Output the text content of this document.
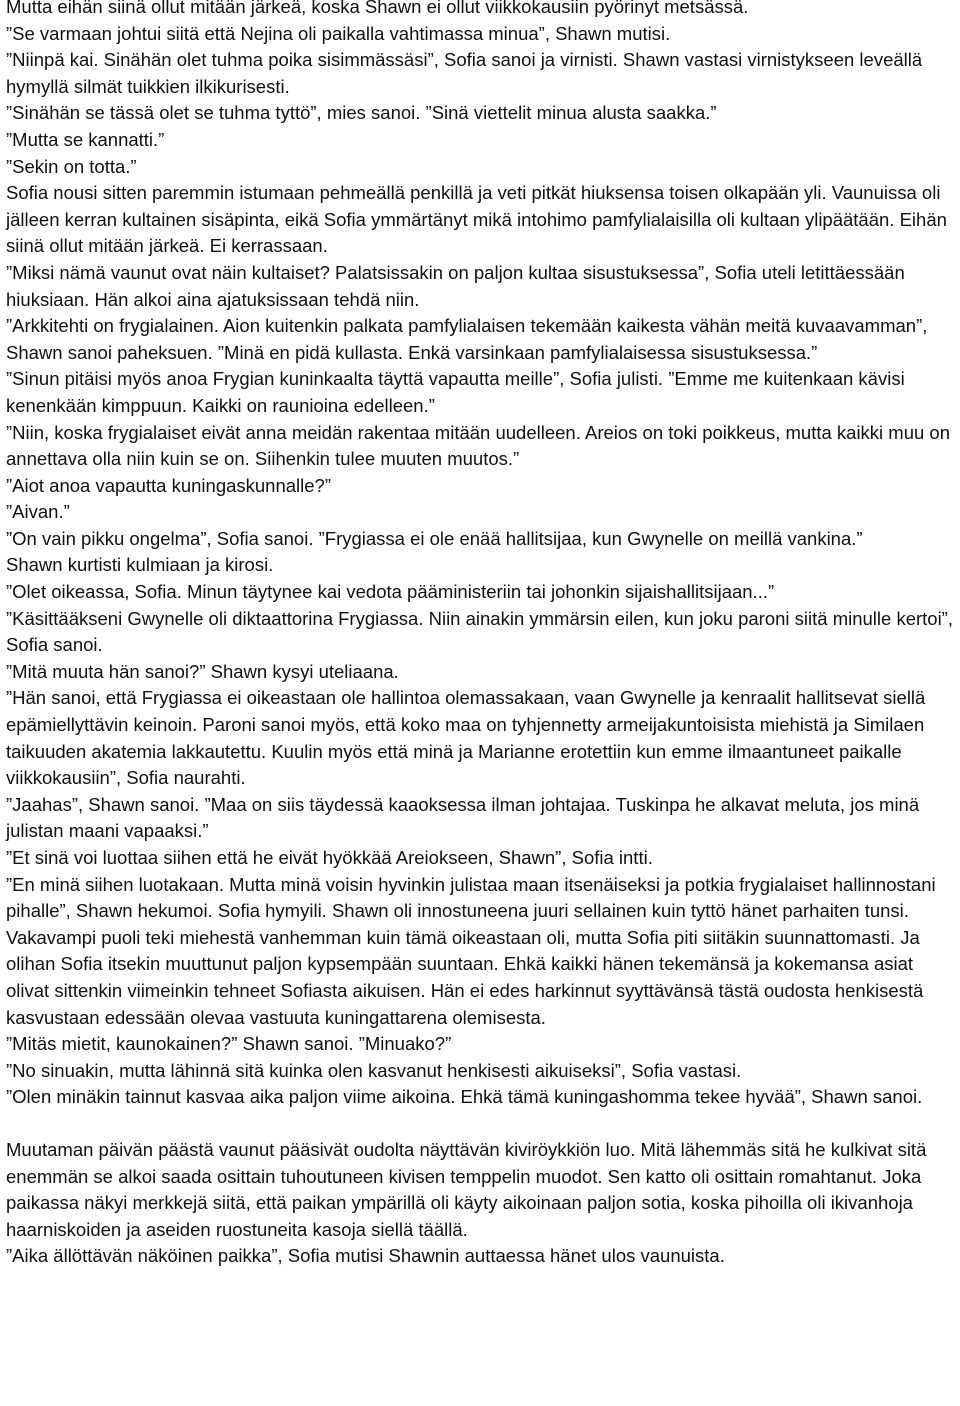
Mutta eihän siinä ollut mitään järkeä, koska Shawn ei ollut viikkokausiin pyörinyt metsässä.

”Se varmaan johtui siitä että Nejina oli paikalla vahtimassa minua”, Shawn mutisi.

”Niinpä kai. Sinähän olet tuhma poika sisimmässäsi”, Sofia sanoi ja virnisti. Shawn vastasi virnistykseen leveällä hymyllä silmät tuikkien ilkikurisesti.

”Sinähän se tässä olet se tuhma tyttö”, mies sanoi. ”Sinä viettelit minua alusta saakka.”

”Mutta se kannatti.”

”Sekin on totta.”

Sofia nousi sitten paremmin istumaan pehmeällä penkillä ja veti pitkät hiuksensa toisen olkapään yli. Vaunuissa oli jälleen kerran kultainen sisäpinta, eikä Sofia ymmärtänyt mikä intohimo pamfylialaisilla oli kultaan ylipäätään. Eihän siinä ollut mitään järkeä. Ei kerrassaan.

”Miksi nämä vaunut ovat näin kultaiset? Palatsissakin on paljon kultaa sisustuksessa”, Sofia uteli letittäessään hiuksiaan. Hän alkoi aina ajatuksissaan tehdä niin.

”Arkkitehti on frygialainen. Aion kuitenkin palkata pamfylialaisen tekemään kaikesta vähän meitä kuvaavamman”, Shawn sanoi paheksuen. ”Minä en pidä kullasta. Enkä varsinkaan pamfylialaisessa sisustuksessa.”

”Sinun pitäisi myös anoa Frygian kuninkaalta täyttä vapautta meille”, Sofia julisti. ”Emme me kuitenkaan kävisi kenenkään kimppuun. Kaikki on raunioina edelleen.”

”Niin, koska frygialaiset eivät anna meidän rakentaa mitään uudelleen. Areios on toki poikkeus, mutta kaikki muu on annettava olla niin kuin se on. Siihenkin tulee muuten muutos.”

”Aiot anoa vapautta kuningaskunnalle?”

”Aivan.”

”On vain pikku ongelma”, Sofia sanoi. ”Frygiassa ei ole enää hallitsijaa, kun Gwynelle on meillä vankina.”

Shawn kurtisti kulmiaan ja kirosi.

”Olet oikeassa, Sofia. Minun täytynee kai vedota pääministeriin tai johonkin sijaishallitsijaan...”

”Käsittääkseni Gwynelle oli diktaattorina Frygiassa. Niin ainakin ymmärsin eilen, kun joku paroni siitä minulle kertoi”, Sofia sanoi.

”Mitä muuta hän sanoi?” Shawn kysyi uteliaana.

”Hän sanoi, että Frygiassa ei oikeastaan ole hallintoa olemassakaan, vaan Gwynelle ja kenraalit hallitsevat siellä epämiellyttävin keinoin. Paroni sanoi myös, että koko maa on tyhjennetty armeijakuntoisista miehistä ja Similaen taikuuden akatemia lakkautettu. Kuulin myös että minä ja Marianne erotettiin kun emme ilmaantuneet paikalle viikkokausiin”, Sofia naurahti.

”Jaahas”, Shawn sanoi. ”Maa on siis täydessä kaaoksessa ilman johtajaa. Tuskinpa he alkavat meluta, jos minä julistan maani vapaaksi.”

”Et sinä voi luottaa siihen että he eivät hyökkää Areiokseen, Shawn”, Sofia intti.

”En minä siihen luotakaan. Mutta minä voisin hyvinkin julistaa maan itsenäiseksi ja potkia frygialaiset hallinnostani pihalle”, Shawn hekumoi. Sofia hymyili. Shawn oli innostuneena juuri sellainen kuin tyttö hänet parhaiten tunsi. Vakavampi puoli teki miehestä vanhemman kuin tämä oikeastaan oli, mutta Sofia piti siitäkin suunnattomasti. Ja olihan Sofia itsekin muuttunut paljon kypsempään suuntaan. Ehkä kaikki hänen tekemänsä ja kokemansa asiat olivat sittenkin viimeinkin tehneet Sofiasta aikuisen. Hän ei edes harkinnut syyttävänsä tästä oudosta henkisestä kasvustaan edessään olevaa vastuuta kuningattarena olemisesta.

”Mitäs mietit, kaunokainen?” Shawn sanoi. ”Minuako?”

”No sinuakin, mutta lähinnä sitä kuinka olen kasvanut henkisesti aikuiseksi”, Sofia vastasi.

”Olen minäkin tainnut kasvaa aika paljon viime aikoina. Ehkä tämä kuningashomma tekee hyvää”, Shawn sanoi.

Muutaman päivän päästä vaunut pääsivät oudolta näyttävän kiviröykkiön luo. Mitä lähemmäs sitä he kulkivat sitä enemmän se alkoi saada osittain tuhoutuneen kivisen temppelin muodot. Sen katto oli osittain romahtanut. Joka paikassa näkyi merkkejä siitä, että paikan ympärillä oli käyty aikoinaan paljon sotia, koska pihoilla oli ikivanhoja haarniskoiden ja aseiden ruostuneita kasoja siellä täällä.

”Aika ällöttävän näköinen paikka”, Sofia mutisi Shawnin auttaessa hänet ulos vaunuista.
